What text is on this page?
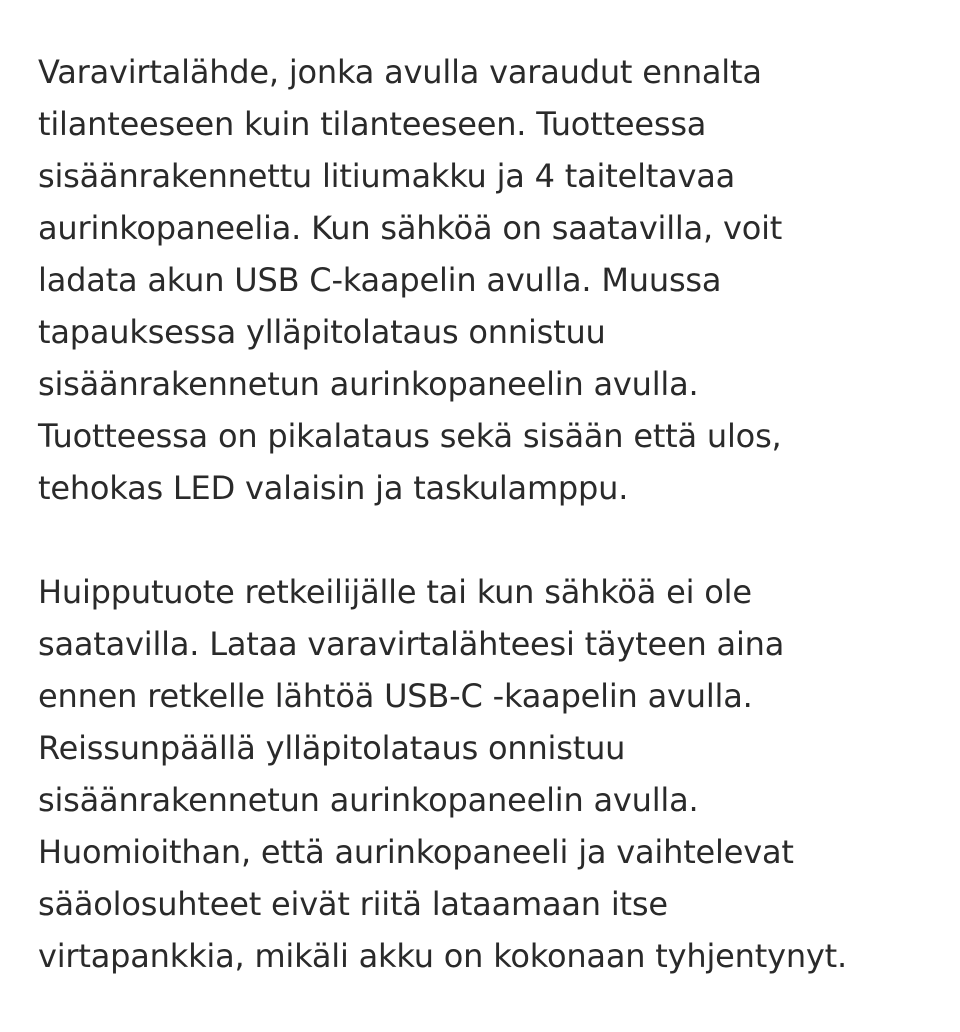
Varavirtalähde, jonka avulla varaudut ennalta
tilanteeseen kuin tilanteeseen. Tuotteessa
sisäänrakennettu litiumakku ja 4 taiteltavaa
aurinkopaneelia. Kun sähköä on saatavilla, voit
ladata akun USB C-kaapelin avulla. Muussa
tapauksessa ylläpitolataus onnistuu
sisäänrakennetun aurinkopaneelin avulla.
Tuotteessa on pikalataus sekä sisään että ulos,
tehokas LED valaisin ja taskulamppu.

Huipputuote retkeilijälle tai kun sähköä ei ole
saatavilla. Lataa varavirtalähteesi täyteen aina
ennen retkelle lähtöä USB-C -kaapelin avulla.
Reissunpäällä ylläpitolataus onnistuu
sisäänrakennetun aurinkopaneelin avulla.
Huomioithan, että aurinkopaneeli ja vaihtelevat
sääolosuhteet eivät riitä lataamaan itse
virtapankkia, mikäli akku on kokonaan tyhjentynyt.
